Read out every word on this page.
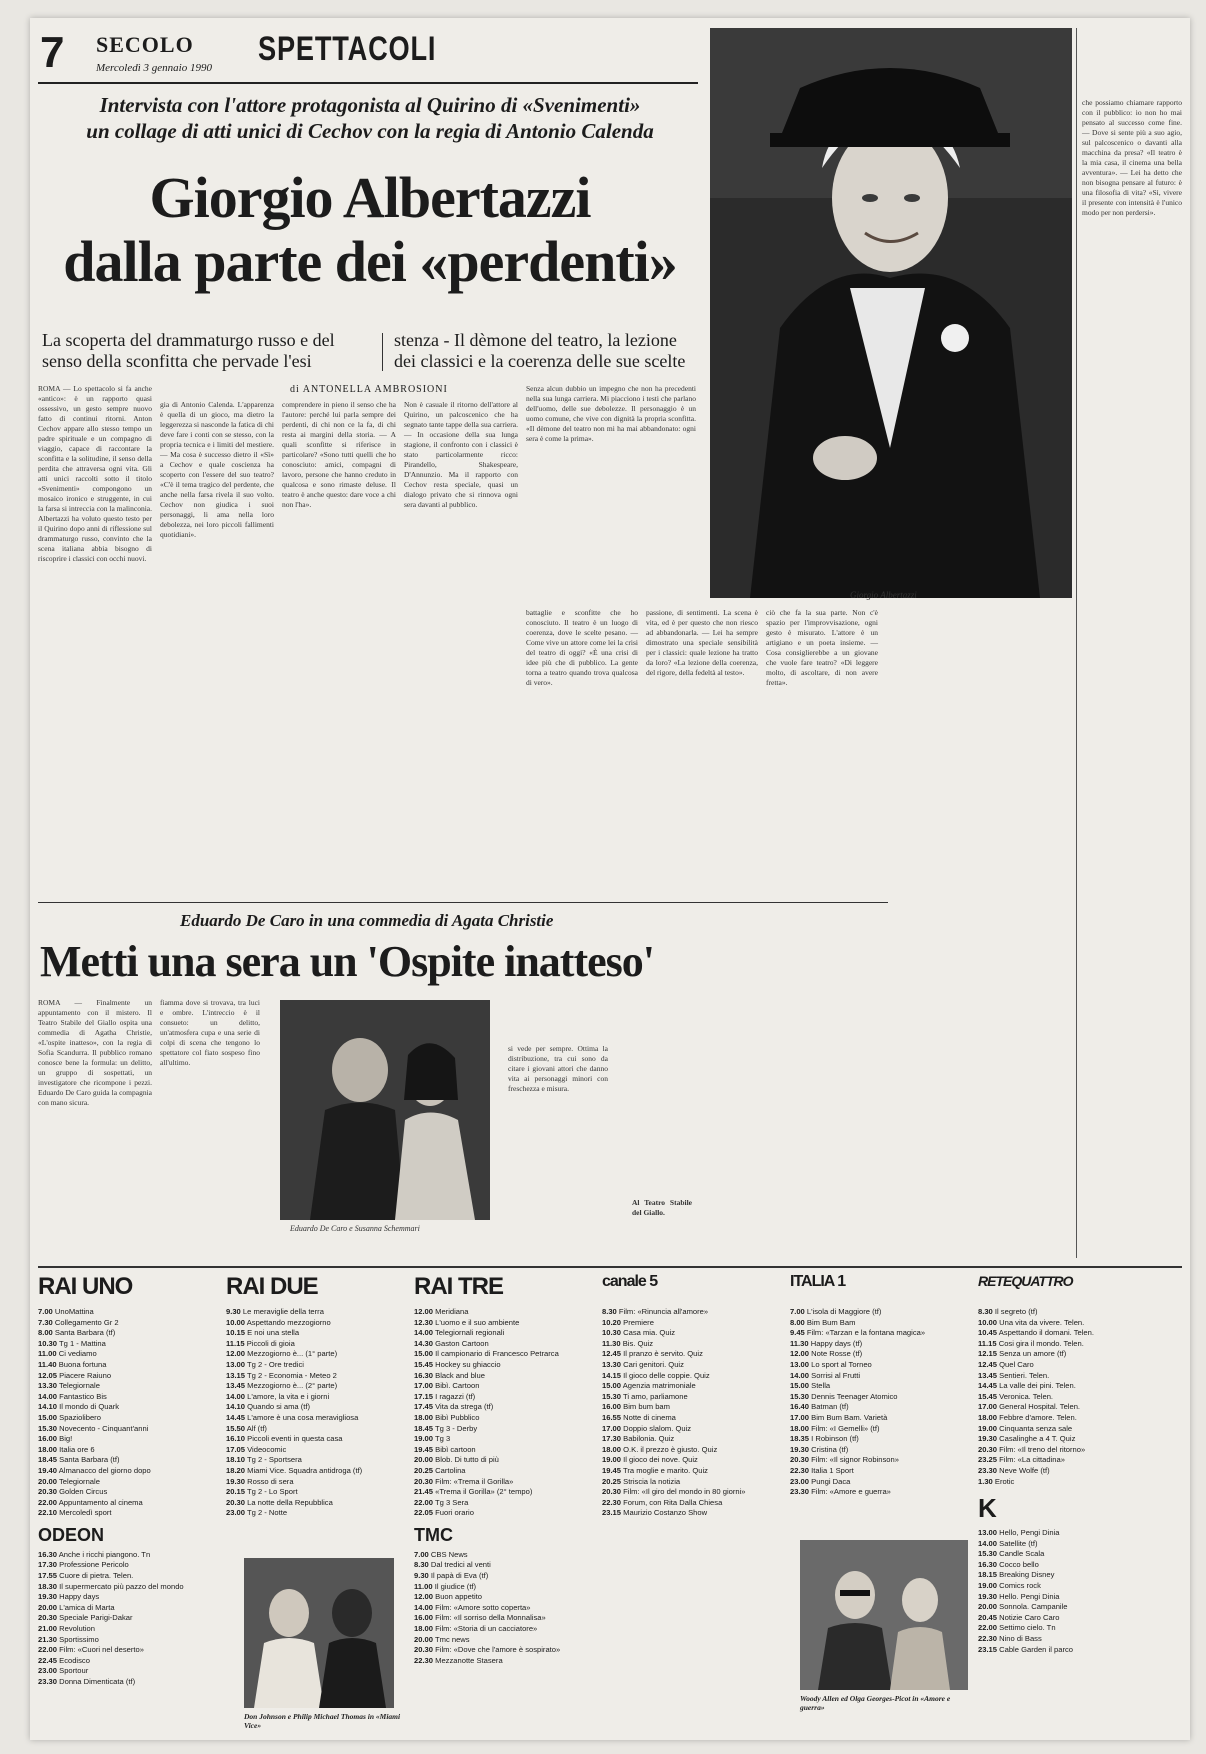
7 SECOLO
Mercoledì 3 gennaio 1990 SPETTACOLI
Intervista con l'attore protagonista al Quirino di «Svenimenti»
un collage di atti unici di Cechov con la regia di Antonio Calenda
Giorgio Albertazzi
dalla parte dei «perdenti»
La scoperta del drammaturgo russo e del senso della sconfitta che pervade l'esi
stenza - Il dèmone del teatro, la lezione dei classici e la coerenza delle sue scelte
di ANTONELLA AMBROSIONI
Giorgio Albertazzi
ROMA — Lo spettacolo si fa anche «antico»: è un rapporto quasi ossessivo, un gesto sempre nuovo fatto di continui ritorni. Anton Cechov appare allo stesso tempo un padre spirituale e un compagno di viaggio, capace di raccontare la sconfitta e la solitudine, il senso della perdita che attraversa ogni vita. Gli atti unici raccolti sotto il titolo «Svenimenti» compongono un mosaico ironico e struggente, in cui la farsa si intreccia con la malinconia. Albertazzi ha voluto questo testo per il Quirino dopo anni di riflessione sul drammaturgo russo, convinto che la scena italiana abbia bisogno di riscoprire i classici con occhi nuovi.
gia di Antonio Calenda. L'apparenza è quella di un gioco, ma dietro la leggerezza si nasconde la fatica di chi deve fare i conti con se stesso, con la propria tecnica e i limiti del mestiere. — Ma cosa è successo dietro il «Sì» a Cechov e quale coscienza ha scoperto con l'essere del suo teatro? «C'è il tema tragico del perdente, che anche nella farsa rivela il suo volto. Cechov non giudica i suoi personaggi, li ama nella loro debolezza, nei loro piccoli fallimenti quotidiani».
comprendere in pieno il senso che ha l'autore: perché lui parla sempre dei perdenti, di chi non ce la fa, di chi resta ai margini della storia. — A quali sconfitte si riferisce in particolare? «Sono tutti quelli che ho conosciuto: amici, compagni di lavoro, persone che hanno creduto in qualcosa e sono rimaste deluse. Il teatro è anche questo: dare voce a chi non l'ha».
Non è casuale il ritorno dell'attore al Quirino, un palcoscenico che ha segnato tante tappe della sua carriera. — In occasione della sua lunga stagione, il confronto con i classici è stato particolarmente ricco: Pirandello, Shakespeare, D'Annunzio. Ma il rapporto con Cechov resta speciale, quasi un dialogo privato che si rinnova ogni sera davanti al pubblico.
Senza alcun dubbio un impegno che non ha precedenti nella sua lunga carriera. Mi piacciono i testi che parlano dell'uomo, delle sue debolezze. Il personaggio è un uomo comune, che vive con dignità la propria sconfitta. «Il dèmone del teatro non mi ha mai abbandonato: ogni sera è come la prima».
battaglie e sconfitte che ho conosciuto. Il teatro è un luogo di coerenza, dove le scelte pesano. — Come vive un attore come lei la crisi del teatro di oggi? «È una crisi di idee più che di pubblico. La gente torna a teatro quando trova qualcosa di vero».
passione, di sentimenti. La scena è vita, ed è per questo che non riesco ad abbandonarla. — Lei ha sempre dimostrato una speciale sensibilità per i classici: quale lezione ha tratto da loro? «La lezione della coerenza, del rigore, della fedeltà al testo».
ciò che fa la sua parte. Non c'è spazio per l'improvvisazione, ogni gesto è misurato. L'attore è un artigiano e un poeta insieme. — Cosa consiglierebbe a un giovane che vuole fare teatro? «Di leggere molto, di ascoltare, di non avere fretta».
che possiamo chiamare rapporto con il pubblico: io non ho mai pensato al successo come fine. — Dove si sente più a suo agio, sul palcoscenico o davanti alla macchina da presa? «Il teatro è la mia casa, il cinema una bella avventura». — Lei ha detto che non bisogna pensare al futuro: è una filosofia di vita? «Sì, vivere il presente con intensità è l'unico modo per non perdersi».
Eduardo De Caro in una commedia di Agata Christie
Metti una sera un 'Ospite inatteso'
ROMA — Finalmente un appuntamento con il mistero. Il Teatro Stabile del Giallo ospita una commedia di Agatha Christie, «L'ospite inatteso», con la regia di Sofia Scandurra. Il pubblico romano conosce bene la formula: un delitto, un gruppo di sospettati, un investigatore che ricompone i pezzi. Eduardo De Caro guida la compagnia con mano sicura.
fiamma dove si trovava, tra luci e ombre. L'intreccio è il consueto: un delitto, un'atmosfera cupa e una serie di colpi di scena che tengono lo spettatore col fiato sospeso fino all'ultimo.
Eduardo De Caro e Susanna Schemmari
si vede per sempre. Ottima la distribuzione, tra cui sono da citare i giovani attori che danno vita ai personaggi minori con freschezza e misura.
Al Teatro Stabile del Giallo.
RAI UNO
7.00 UnoMattina
7.30 Collegamento Gr 2
8.00 Santa Barbara (tf)
10.30 Tg 1 - Mattina
11.00 Ci vediamo
11.40 Buona fortuna
12.05 Piacere Raiuno
13.30 Telegiornale
14.00 Fantastico Bis
14.10 Il mondo di Quark
15.00 Spaziolibero
15.30 Novecento - Cinquant'anni
16.00 Big!
18.00 Italia ore 6
18.45 Santa Barbara (tf)
19.40 Almanacco del giorno dopo
20.00 Telegiornale
20.30 Golden Circus
22.00 Appuntamento al cinema
22.10 Mercoledì sport
ODEON
16.30 Anche i ricchi piangono. Tn
17.30 Professione Pericolo
17.55 Cuore di pietra. Telen.
18.30 Il supermercato più pazzo del mondo
19.30 Happy days
20.00 L'amica di Marta
20.30 Speciale Parigi-Dakar
21.00 Revolution
21.30 Sportissimo
22.00 Film: «Cuori nel deserto»
22.45 Ecodisco
23.00 Sportour
23.30 Donna Dimenticata (tf)
RAI DUE
9.30 Le meraviglie della terra
10.00 Aspettando mezzogiorno
10.15 E noi una stella
11.15 Piccoli di gioia
12.00 Mezzogiorno è... (1° parte)
13.00 Tg 2 - Ore tredici
13.15 Tg 2 - Economia - Meteo 2
13.45 Mezzogiorno è... (2° parte)
14.00 L'amore, la vita e i giorni
14.10 Quando si ama (tf)
14.45 L'amore è una cosa meravigliosa
15.50 Alf (tf)
16.10 Piccoli eventi in questa casa
17.05 Videocomic
18.10 Tg 2 - Sportsera
18.20 Miami Vice. Squadra antidroga (tf)
19.30 Rosso di sera
20.15 Tg 2 - Lo Sport
20.30 La notte della Repubblica
23.00 Tg 2 - Notte
Don Johnson e Philip Michael Thomas in «Miami Vice»
RAI TRE
12.00 Meridiana
12.30 L'uomo e il suo ambiente
14.00 Telegiornali regionali
14.30 Gaston Cartoon
15.00 Il campionario di Francesco Petrarca
15.45 Hockey su ghiaccio
16.30 Black and blue
17.00 Bibì. Cartoon
17.15 I ragazzi (tf)
17.45 Vita da strega (tf)
18.00 Bibì Pubblico
18.45 Tg 3 - Derby
19.00 Tg 3
19.45 Bibì cartoon
20.00 Blob. Di tutto di più
20.25 Cartolina
20.30 Film: «Trema il Gorilla»
21.45 «Trema il Gorilla» (2° tempo)
22.00 Tg 3 Sera
22.05 Fuori orario
TMC
7.00 CBS News
8.30 Dal tredici al venti
9.30 Il papà di Eva (tf)
11.00 Il giudice (tf)
12.00 Buon appetito
14.00 Film: «Amore sotto coperta»
16.00 Film: «Il sorriso della Monnalisa»
18.00 Film: «Storia di un cacciatore»
20.00 Tmc news
20.30 Film: «Dove che l'amore è sospirato»
22.30 Mezzanotte Stasera
canale 5
8.30 Film: «Rinuncia all'amore»
10.20 Premiere
10.30 Casa mia. Quiz
11.30 Bis. Quiz
12.45 Il pranzo è servito. Quiz
13.30 Cari genitori. Quiz
14.15 Il gioco delle coppie. Quiz
15.00 Agenzia matrimoniale
15.30 Ti amo, parliamone
16.00 Bim bum bam
16.55 Notte di cinema
17.00 Doppio slalom. Quiz
17.30 Babilonia. Quiz
18.00 O.K. il prezzo è giusto. Quiz
19.00 Il gioco dei nove. Quiz
19.45 Tra moglie e marito. Quiz
20.25 Striscia la notizia
20.30 Film: «Il giro del mondo in 80 giorni»
22.30 Forum, con Rita Dalla Chiesa
23.15 Maurizio Costanzo Show
ITALIA 1
7.00 L'isola di Maggiore (tf)
8.00 Bim Bum Bam
9.45 Film: «Tarzan e la fontana magica»
11.30 Happy days (tf)
12.00 Note Rosse (tf)
13.00 Lo sport al Torneo
14.00 Sorrisi al Frutti
15.00 Stella
15.30 Dennis Teenager Atomico
16.40 Batman (tf)
17.00 Bim Bum Bam. Varietà
18.00 Film: «I Gemelli» (tf)
18.35 I Robinson (tf)
19.30 Cristina (tf)
20.30 Film: «Il signor Robinson»
22.30 Italia 1 Sport
23.00 Pungi Daca
23.30 Film: «Amore e guerra»
Woody Allen ed Olga Georges-Picot in «Amore e guerra»
RETEQUATTRO
8.30 Il segreto (tf)
10.00 Una vita da vivere. Telen.
10.45 Aspettando il domani. Telen.
11.15 Cosi gira il mondo. Telen.
12.15 Senza un amore (tf)
12.45 Quel Caro
13.45 Sentieri. Telen.
14.45 La valle dei pini. Telen.
15.45 Veronica. Telen.
17.00 General Hospital. Telen.
18.00 Febbre d'amore. Telen.
19.00 Cinquanta senza sale
19.30 Casalinghe a 4 T. Quiz
20.30 Film: «Il treno del ritorno»
23.25 Film: «La cittadina»
23.30 Neve Wolfe (tf)
1.30 Erotic
K
13.00 Hello, Pengi Dinia
14.00 Satellite (tf)
15.30 Candle Scala
16.30 Cocco bello
18.15 Breaking Disney
19.00 Comics rock
19.30 Hello. Pengi Dinia
20.00 Sonnola. Campanile
20.45 Notizie Caro Caro
22.00 Settimo cielo. Tn
22.30 Nino di Bass
23.15 Cable Garden il parco
